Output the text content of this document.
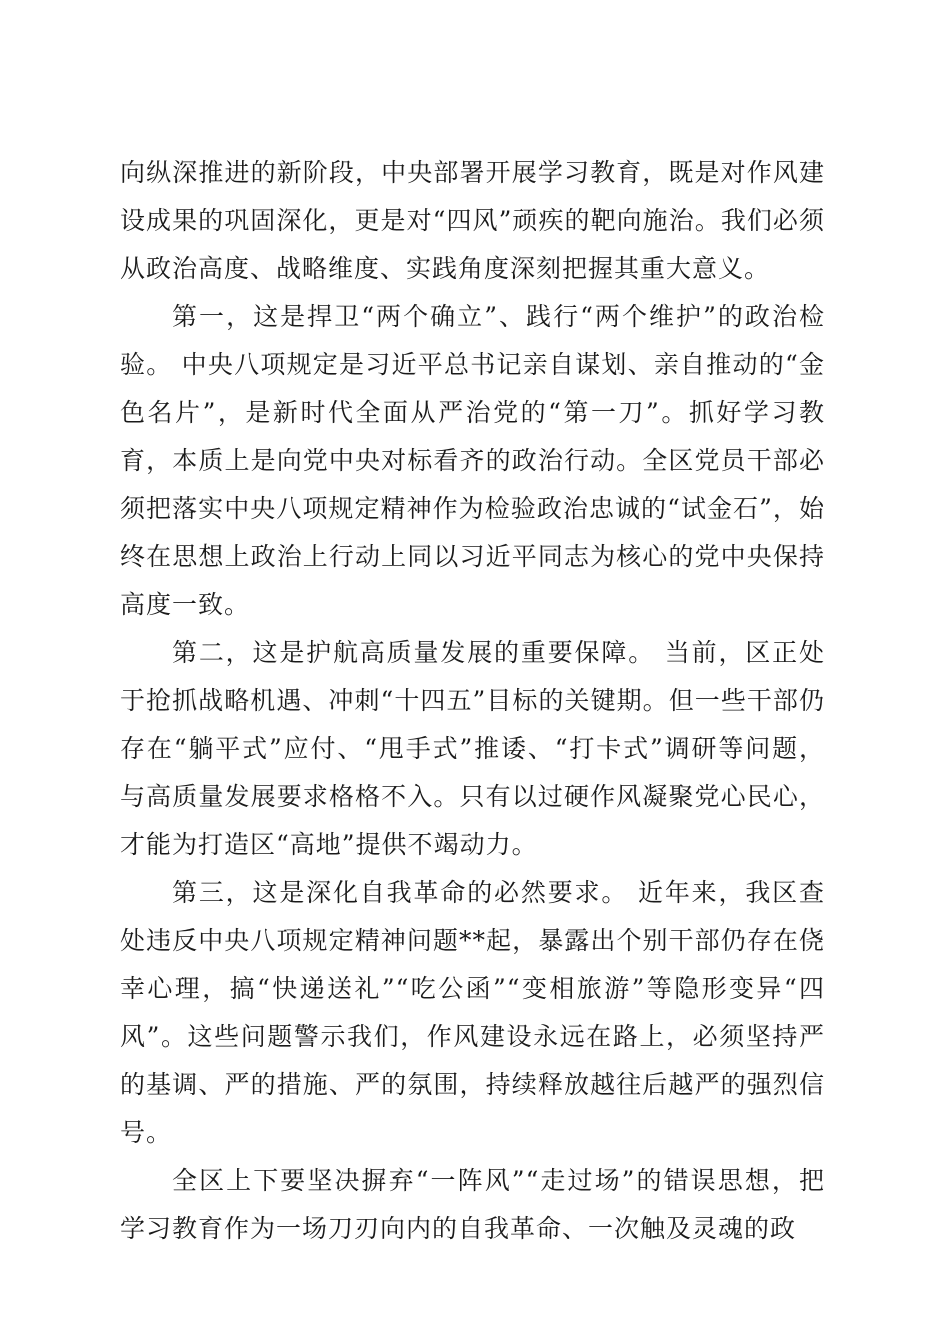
向纵深推进的新阶段，中央部署开展学习教育，既是对作风建设成果的巩固深化，更是对“四风”顽疾的靶向施治。我们必须从政治高度、战略维度、实践角度深刻把握其重大意义。

第一，这是捍卫“两个确立”、践行“两个维护”的政治检验。 中央八项规定是习近平总书记亲自谋划、亲自推动的“金色名片”，是新时代全面从严治党的“第一刀”。抓好学习教育，本质上是向党中央对标看齐的政治行动。全区党员干部必须把落实中央八项规定精神作为检验政治忠诚的“试金石”，始终在思想上政治上行动上同以习近平同志为核心的党中央保持高度一致。

第二，这是护航高质量发展的重要保障。 当前，区正处于抢抓战略机遇、冲刺“十四五”目标的关键期。但一些干部仍存在“躺平式”应付、“甩手式”推诿、“打卡式”调研等问题，与高质量发展要求格格不入。只有以过硬作风凝聚党心民心，才能为打造区“高地”提供不竭动力。

第三，这是深化自我革命的必然要求。 近年来，我区查处违反中央八项规定精神问题**起，暴露出个别干部仍存在侥幸心理，搞“快递送礼”“吃公函”“变相旅游”等隐形变异“四风”。这些问题警示我们，作风建设永远在路上，必须坚持严的基调、严的措施、严的氛围，持续释放越往后越严的强烈信号。

全区上下要坚决摒弃“一阵风”“走过场”的错误思想，把学习教育作为一场刀刃向内的自我革命、一次触及灵魂的政
